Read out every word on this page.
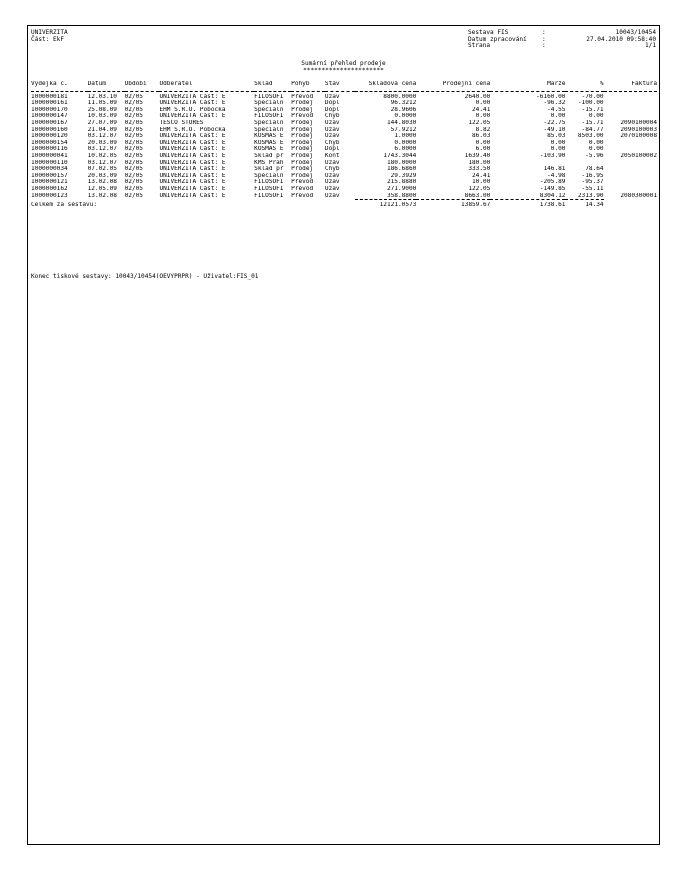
UNIVERZITA
Část: EkF
Sestava FIS	:	10043/10454
Datum zpracování	:	27.04.2010 09:58:40
Strana	:	1/1
Sumární přehled prodeje
**********************
Výdejka č.	Datum	Období	Odběratel	Sklad	Pohyb	Stav	Skladová cena	Prodejní cena	Marže	%	Faktura

1000000181	12.03.10	02/05	UNIVERZITA Část: E	FILOSOFI	Převod	Uzav	8800.0000	2640.00	-6160.00	-70.00	
1000000161	11.05.09	02/05	UNIVERZITA Část: E	Specialn	Prodej	Dopl	96.3212	0.00	-96.32	-100.00	
1000000170	25.08.09	02/05	EHM S.R.O. Pobočka	Specialn	Prodej	Dopl	28.9606	24.41	-4.55	-15.71	
1000000147	10.03.09	02/05	UNIVERZITA Část: E	FILOSOFI	Převod	Chyb	0.0000	0.00	0.00	0.00	
1000000167	27.07.09	02/05	TESCO STORES	Specialn	Prodej	Uzav	144.8030	122.05	-22.75	-15.71	2090100004
1000000160	21.04.09	02/05	EHM S.R.O. Pobočka	Specialn	Prodej	Uzav	57.9212	8.82	-49.10	-84.77	2090100003
1000000120	03.12.07	02/05	UNIVERZITA Část: E	KOSMAS E	Prodej	Uzav	1.0000	86.03	85.03	8503.00	2070100008
1000000154	20.03.09	02/05	UNIVERZITA Část: E	KOSMAS E	Prodej	Chyb	0.0000	0.00	0.00	0.00	
1000000116	03.12.07	02/05	UNIVERZITA Část: E	KOSMAS E	Prodej	Dopl	6.0000	6.00	0.00	0.00	
1000000041	10.02.05	02/05	UNIVERZITA Část: E	Sklad pr	Prodej	Kont	1743.3044	1639.40	-103.90	-5.96	2050100002
1000000110	03.12.07	02/05	UNIVERZITA Část: E	KMS Prah	Prodej	Uzav	180.0000	180.00			
1000000034	07.02.05	02/05	UNIVERZITA Část: E	Sklad pr	Prodej	Chyb	186.6860	333.50	146.81	78.64	
1000000157	20.03.09	02/05	UNIVERZITA Část: E	Specialn	Prodej	Uzav	29.3929	24.41	-4.98	-16.95	
1000000121	13.02.08	02/05	UNIVERZITA Část: E	FILOSOFI	Převod	Uzav	215.8880	10.00	-205.89	-95.37	
1000000162	12.05.09	02/05	UNIVERZITA Část: E	FILOSOFI	Převod	Uzav	271.9000	122.05	-149.85	-55.11	
1000000123	13.02.08	02/05	UNIVERZITA Část: E	FILOSOFI	Převod	Uzav	358.8800	8663.00	8304.12	2313.90	2080300001

Celkem za sestavu:							12121.0573	13859.67	1738.61	14.34	
Konec tiskové sestavy: 10043/10454(OEVYPRPR) - Uživatel:FIS_01
